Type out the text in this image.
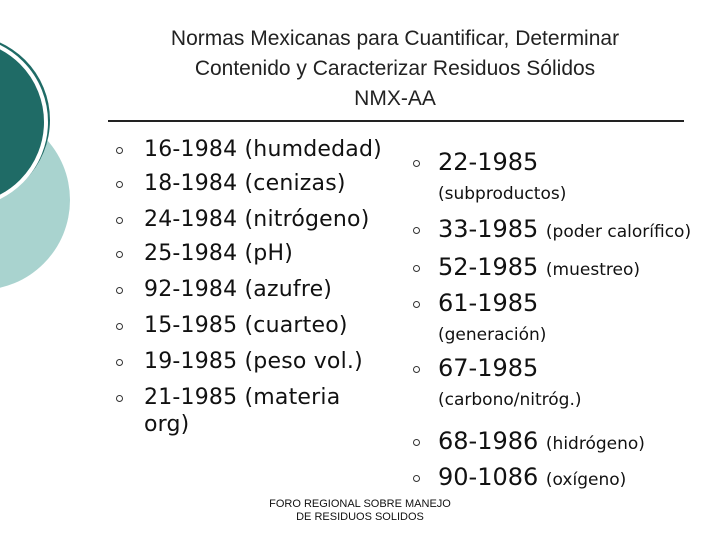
Normas Mexicanas para Cuantificar, Determinar
Contenido y Caracterizar Residuos Sólidos
NMX-AA
16-1984 (humdedad)
18-1984 (cenizas)
24-1984 (nitrógeno)
25-1984 (pH)
92-1984 (azufre)
15-1985 (cuarteo)
19-1985 (peso vol.)
21-1985 (materia org)
22-1985
(subproductos)
33-1985 (poder calorífico)
52-1985 (muestreo)
61-1985
(generación)
67-1985
(carbono/nitróg.)
68-1986 (hidrógeno)
90-1086 (oxígeno)
FORO REGIONAL SOBRE MANEJO
DE RESIDUOS SOLIDOS
